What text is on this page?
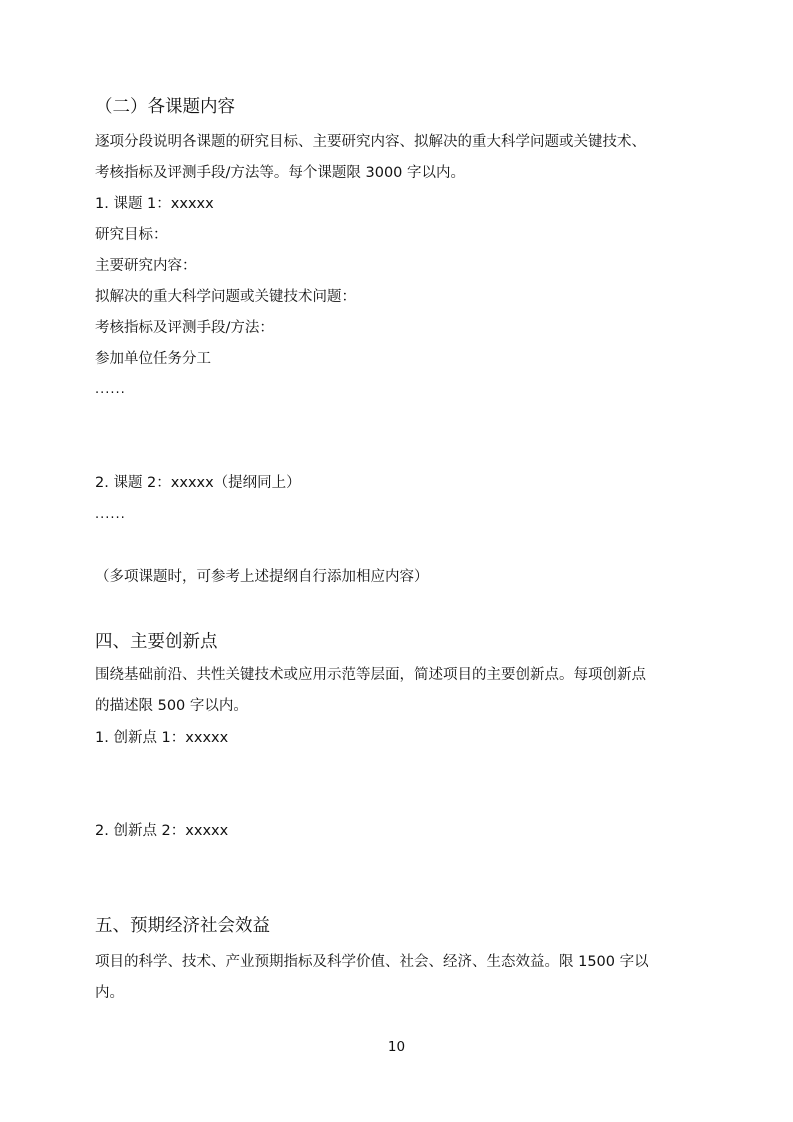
（二）各课题内容
逐项分段说明各课题的研究目标、主要研究内容、拟解决的重大科学问题或关键技术、
考核指标及评测手段/方法等。每个课题限 3000 字以内。
1. 课题 1：xxxxx
研究目标：
主要研究内容：
拟解决的重大科学问题或关键技术问题：
考核指标及评测手段/方法：
参加单位任务分工
......
2. 课题 2：xxxxx（提纲同上）
......
（多项课题时，可参考上述提纲自行添加相应内容）
四、主要创新点
围绕基础前沿、共性关键技术或应用示范等层面，简述项目的主要创新点。每项创新点
的描述限 500 字以内。
1. 创新点 1：xxxxx
2. 创新点 2：xxxxx
五、预期经济社会效益
项目的科学、技术、产业预期指标及科学价值、社会、经济、生态效益。限 1500 字以
内。
10
